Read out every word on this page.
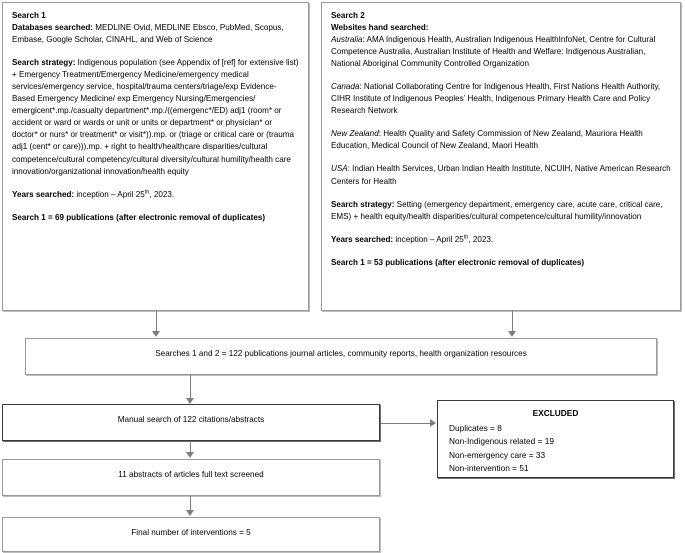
Search 1

Databases searched: MEDLINE Ovid, MEDLINE Ebsco, PubMed, Scopus, Embase, Google Scholar, CINAHL, and Web of Science

Search strategy: Indigenous population (see Appendix of [ref] for extensive list) + Emergency Treatment/Emergency Medicine/emergency medical services/emergency service, hospital/trauma centers/triage/exp Evidence-Based Emergency Medicine/ exp Emergency Nursing/Emergencies/ emergicent*.mp./casualty department*.mp./((emergenc*/ED) adj1 (room* or accident or ward or wards or unit or units or department* or physician* or doctor* or nurs* or treatment* or visit*)).mp. or (triage or critical care or (trauma adj1 (cent* or care))).mp. + right to health/healthcare disparities/cultural competence/cultural competency/cultural diversity/cultural humility/health care innovation/organizational innovation/health equity

Years searched: inception – April 25th, 2023.

Search 1 = 69 publications (after electronic removal of duplicates)

Search 2

Websites hand searched:

Australia: AMA Indigenous Health, Australian Indigenous HealthInfoNet, Centre for Cultural Competence Australia, Australian Institute of Health and Welfare: Indigenous Australian, National Aboriginal Community Controlled Organization

Canada: National Collaborating Centre for Indigenous Health, First Nations Health Authority, CIHR Institute of Indigenous Peoples’ Health, Indigenous Primary Health Care and Policy Research Network

New Zealand: Health Quality and Safety Commission of New Zealand, Mauriora Health Education, Medical Council of New Zealand, Maori Health

USA: Indian Health Services, Urban Indian Health Institute, NCUIH, Native American Research Centers for Health

Search strategy: Setting (emergency department, emergency care, acute care, critical care, EMS) + health equity/health disparities/cultural competence/cultural humility/innovation

Years searched: inception – April 25th, 2023.

Search 1 = 53 publications (after electronic removal of duplicates)

Searches 1 and 2 = 122 publications journal articles, community reports, health organization resources
Manual search of 122 citations/abstracts
EXCLUDED
Duplicates = 8
Non-Indigenous related = 19
Non-emergency care = 33
Non-intervention = 51
11 abstracts of articles full text screened
Final number of interventions = 5
